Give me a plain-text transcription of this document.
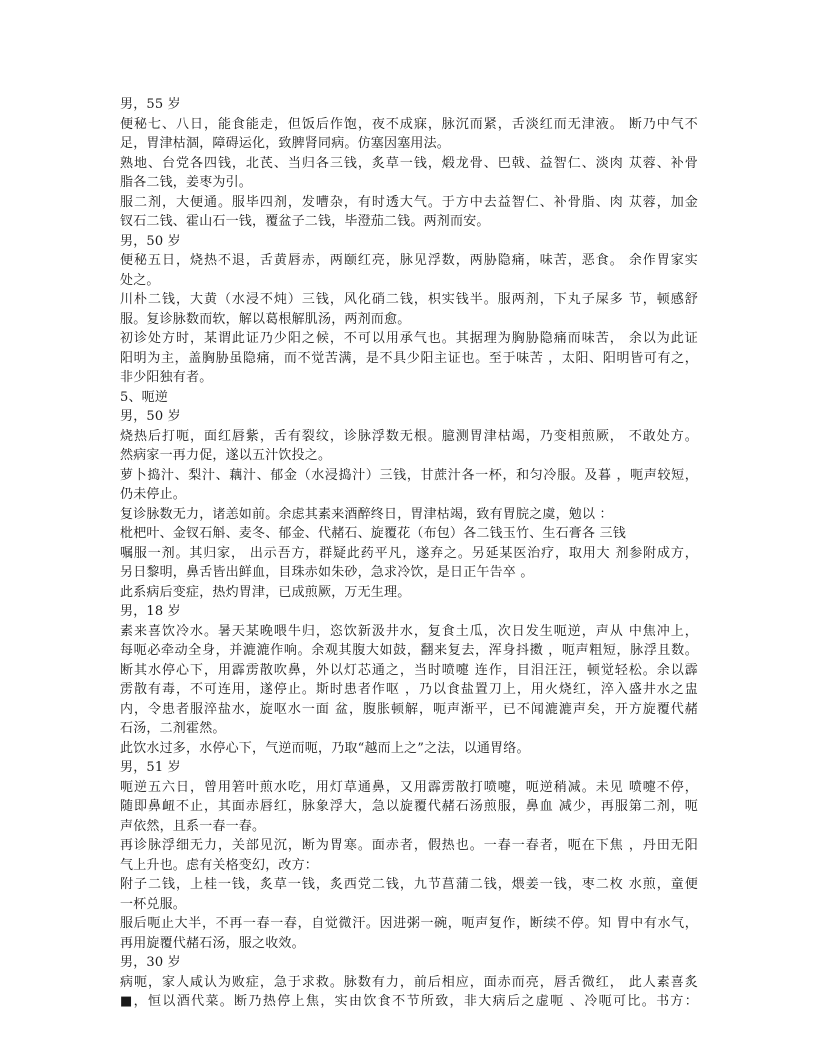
男，55 岁

便秘七、八日，能食能走，但饭后作饱，夜不成寐，脉沉而紧，舌淡红而无津液。 断乃中气不

足，胃津枯涸，障碍运化，致脾肾同病。仿塞因塞用法。

熟地、台党各四钱，北芪、当归各三钱，炙草一钱，煅龙骨、巴戟、益智仁、淡肉 苁蓉、补骨

脂各二钱，姜枣为引。

服二剂，大便通。服毕四剂，发嘈杂，有时透大气。于方中去益智仁、补骨脂、肉 苁蓉，加金

钗石二钱、霍山石一钱，覆盆子二钱，毕澄茄二钱。两剂而安。

男，50 岁

便秘五日，烧热不退，舌黄唇赤，两颐红亮，脉见浮数，两胁隐痛，味苦，恶食。 余作胃家实

处之。

川朴二钱，大黄（水浸不炖）三钱，风化硝二钱，枳实钱半。服两剂，下丸子屎多 节，顿感舒

服。复诊脉数而软，解以葛根解肌汤，两剂而愈。

初诊处方时，某谓此证乃少阳之候，不可以用承气也。其据理为胸胁隐痛而味苦， 余以为此证

阳明为主，盖胸胁虽隐痛，而不觉苦满，是不具少阳主证也。至于味苦 ，太阳、阳明皆可有之，

非少阳独有者。

5、呃逆

男，50 岁

烧热后打呃，面红唇紫，舌有裂纹，诊脉浮数无根。臆测胃津枯竭，乃变相煎厥， 不敢处方。

然病家一再力促，遂以五汁饮投之。

萝卜捣汁、梨汁、藕汁、郁金（水浸捣汁）三钱，甘蔗汁各一杯，和匀冷服。及暮 ，呃声较短，

仍未停止。

复诊脉数无力，诸恙如前。余虑其素来酒醉终日，胃津枯竭，致有胃脘之虞，勉以 ：

枇杷叶、金钗石斛、麦冬、郁金、代赭石、旋覆花（布包）各二钱玉竹、生石膏各 三钱

嘱服一剂。其归家， 出示吾方，群疑此药平凡，遂弃之。另延某医治疗，取用大 剂参附成方，

另日黎明，鼻舌皆出鲜血，目珠赤如朱砂，急求冷饮，是日正午告卒 。

此系病后变症，热灼胃津，已成煎厥，万无生理。

男，18 岁

素来喜饮冷水。暑天某晚喂牛归，恣饮新汲井水，复食土瓜，次日发生呃逆，声从 中焦冲上，

每呃必牵动全身，并漉漉作响。余观其腹大如鼓，翻来复去，浑身抖擞 ，呃声粗短，脉浮且数。

断其水停心下，用霹雳散吹鼻，外以灯芯通之，当时喷嚏 连作，目泪汪汪，顿觉轻松。余以霹

雳散有毒，不可连用，遂停止。斯时患者作呕 ，乃以食盐置刀上，用火烧红，淬入盛井水之盅

内，令患者服淬盐水，旋呕水一面 盆，腹胀顿解，呃声渐平，已不闻漉漉声矣，开方旋覆代赭

石汤，二剂霍然。

此饮水过多，水停心下，气逆而呃，乃取“越而上之”之法，以通胃络。

男，51 岁

呃逆五六日，曾用箬叶煎水吃，用灯草通鼻，又用霹雳散打喷嚏，呃逆稍减。未见 喷嚏不停，

随即鼻衄不止，其面赤唇红，脉象浮大，急以旋覆代赭石汤煎服，鼻血 减少，再服第二剂，呃

声依然，且系一春一春。

再诊脉浮细无力，关部见沉，断为胃寒。面赤者，假热也。一春一春者，呃在下焦 ，丹田无阳

气上升也。虑有关格变幻，改方：

附子二钱，上桂一钱，炙草一钱，炙西党二钱，九节菖蒲二钱，煨姜一钱，枣二枚 水煎，童便

一杯兑服。

服后呃止大半，不再一春一春，自觉微汗。因进粥一碗，呃声复作，断续不停。知 胃中有水气，

再用旋覆代赭石汤，服之收效。

男，30 岁

病呃，家人咸认为败症，急于求救。脉数有力，前后相应，面赤而亮，唇舌微红， 此人素喜炙

■，恒以酒代菜。断乃热停上焦，实由饮食不节所致，非大病后之虚呃 、冷呃可比。书方：
